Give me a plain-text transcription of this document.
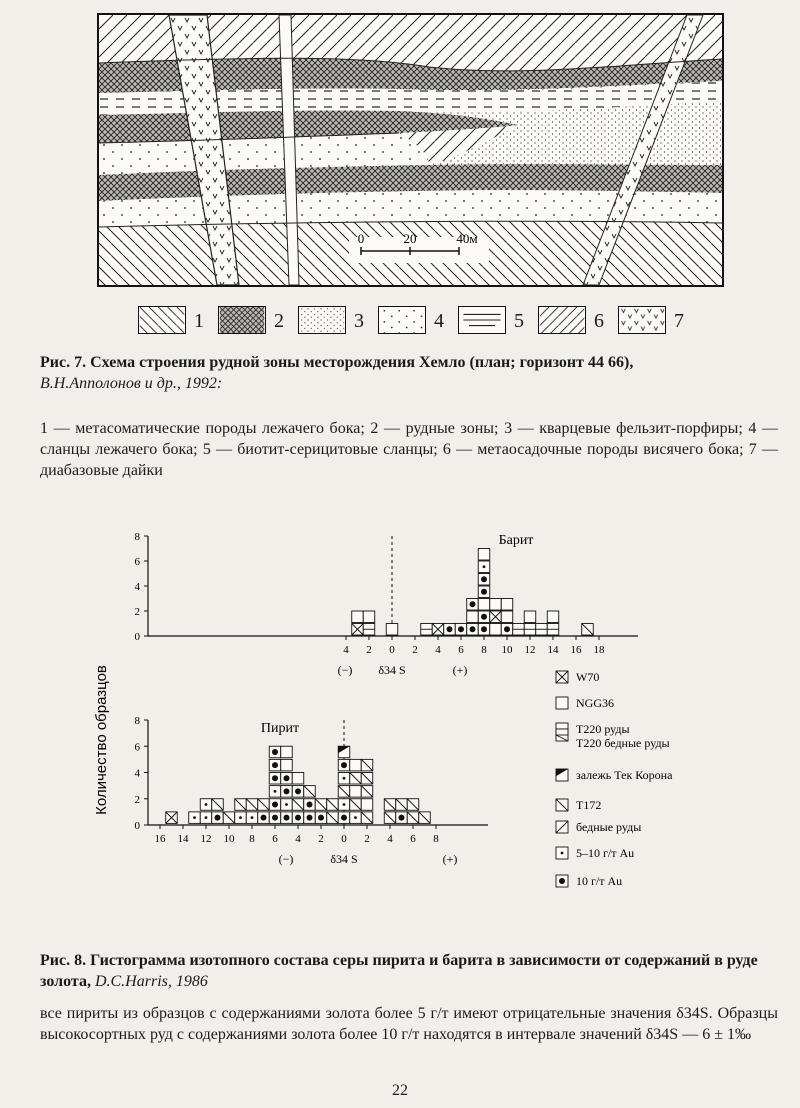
0	20	40м
1	2	3	4	5	6	7
Рис. 7. Схема строения рудной зоны месторождения Хемло (план; горизонт 44 66),
В.Н.Апполонов и др., 1992:
1 — метасоматические породы лежачего бока; 2 — рудные зоны; 3 — кварцевые фельзит-порфиры; 4 — сланцы лежачего бока; 5 — биотит-серицитовые сланцы; 6 — метаосадочные породы висячего бока; 7 — диабазовые дайки
Количество образцов
0
2
4
6
8
4 2 0 2 4 6 8 10 12 14 16 18
Барит
(−)	(+)
δ34 S
0
2
4
6
8
16 14 12 10 8 6 4 2 0 2 4 6 8
Пирит
(−)	(+)
δ34 S
W70
NGG36
T220 руды
T220 бедные руды
залежь Тек Корона
T172
бедные руды
5–10 г/т Au
10 г/т Au
Рис. 8. Гистограмма изотопного состава серы пирита и барита в зависимости от содержаний в руде золота, D.C.Harris, 1986
все пириты из образцов с содержаниями золота более 5 г/т имеют отрицательные значения δ34S. Образцы высокосортных руд с содержаниями золота более 10 г/т находятся в интервале значений δ34S — 6 ± 1‰
22
